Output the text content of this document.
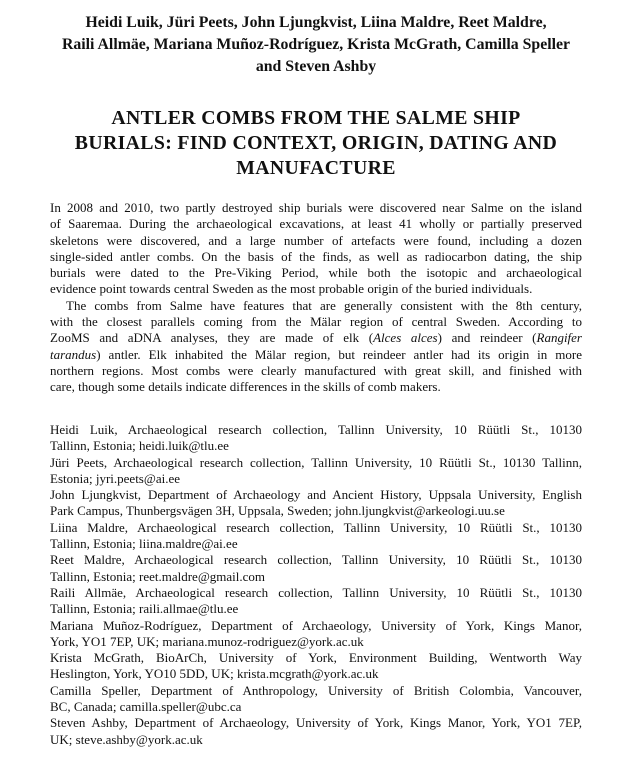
Heidi Luik, Jüri Peets, John Ljungkvist, Liina Maldre, Reet Maldre,
Raili Allmäe, Mariana Muñoz-Rodríguez, Krista McGrath, Camilla Speller
and Steven Ashby
ANTLER COMBS FROM THE SALME SHIP
BURIALS: FIND CONTEXT, ORIGIN, DATING AND
MANUFACTURE
In 2008 and 2010, two partly destroyed ship burials were discovered near Salme on the island
of Saaremaa. During the archaeological excavations, at least 41 wholly or partially preserved
skeletons were discovered, and a large number of artefacts were found, including a dozen
single-sided antler combs. On the basis of the finds, as well as radiocarbon dating, the ship
burials were dated to the Pre-Viking Period, while both the isotopic and archaeological
evidence point towards central Sweden as the most probable origin of the buried individuals.
The combs from Salme have features that are generally consistent with the 8th century,
with the closest parallels coming from the Mälar region of central Sweden. According to
ZooMS and aDNA analyses, they are made of elk (Alces alces) and reindeer (Rangifer
tarandus) antler. Elk inhabited the Mälar region, but reindeer antler had its origin in more
northern regions. Most combs were clearly manufactured with great skill, and finished with
care, though some details indicate differences in the skills of comb makers.
Heidi Luik, Archaeological research collection, Tallinn University, 10 Rüütli St., 10130
Tallinn, Estonia; heidi.luik@tlu.ee
Jüri Peets, Archaeological research collection, Tallinn University, 10 Rüütli St., 10130 Tallinn,
Estonia; jyri.peets@ai.ee
John Ljungkvist, Department of Archaeology and Ancient History, Uppsala University, English
Park Campus, Thunbergsvägen 3H, Uppsala, Sweden; john.ljungkvist@arkeologi.uu.se
Liina Maldre, Archaeological research collection, Tallinn University, 10 Rüütli St., 10130
Tallinn, Estonia; liina.maldre@ai.ee
Reet Maldre, Archaeological research collection, Tallinn University, 10 Rüütli St., 10130
Tallinn, Estonia; reet.maldre@gmail.com
Raili Allmäe, Archaeological research collection, Tallinn University, 10 Rüütli St., 10130
Tallinn, Estonia; raili.allmae@tlu.ee
Mariana Muñoz-Rodríguez, Department of Archaeology, University of York, Kings Manor,
York, YO1 7EP, UK; mariana.munoz-rodriguez@york.ac.uk
Krista McGrath, BioArCh, University of York, Environment Building, Wentworth Way
Heslington, York, YO10 5DD, UK; krista.mcgrath@york.ac.uk
Camilla Speller, Department of Anthropology, University of British Colombia, Vancouver,
BC, Canada; camilla.speller@ubc.ca
Steven Ashby, Department of Archaeology, University of York, Kings Manor, York, YO1 7EP,
UK; steve.ashby@york.ac.uk
